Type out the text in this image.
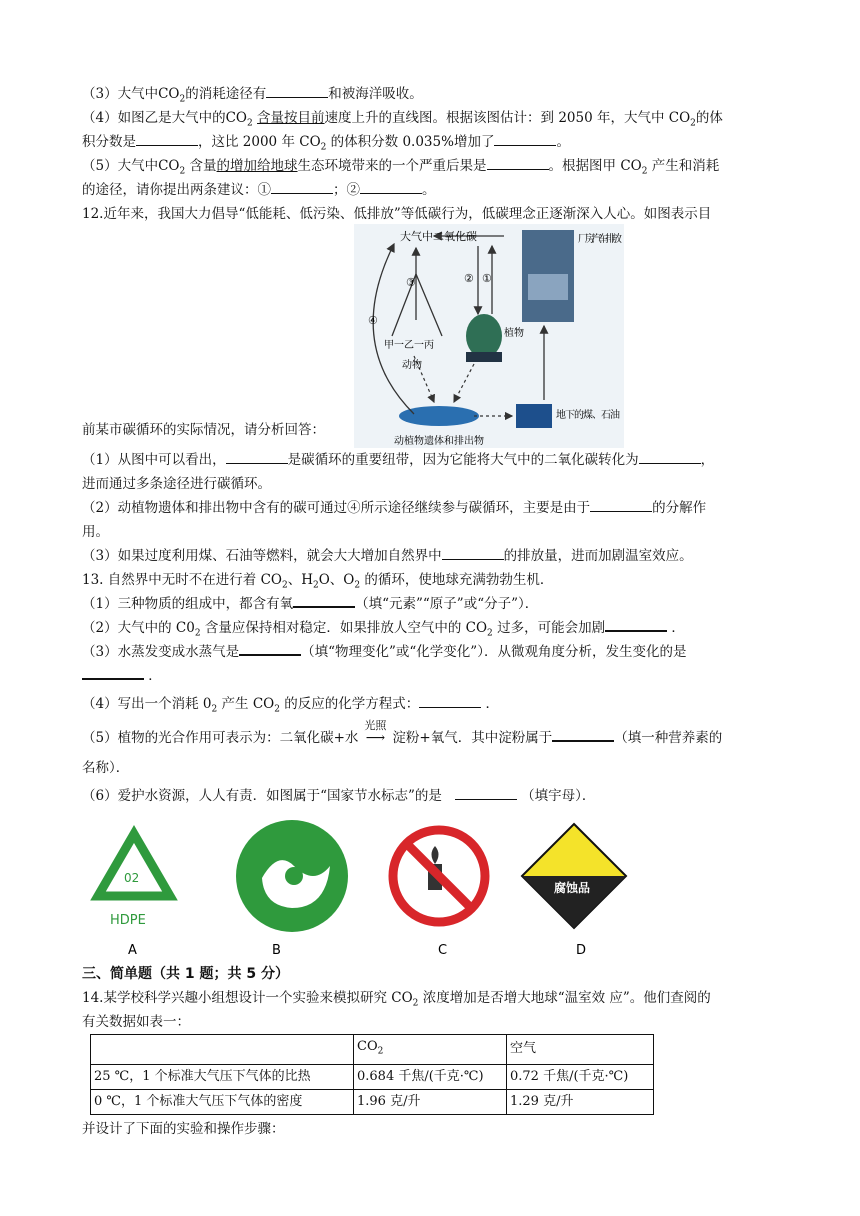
（3）大气中$CO_2$的消耗途径有	和被海洋吸收。
（4）如图乙是大气中的$CO_2$ 含量按目前速度上升的直线图。根据该图估计：到 2050 年，大气中 $CO_2$的体
积分数是	，这比 2000 年 $CO_2$ 的体积分数 0.035%增加了	。
（5）大气中$CO_2$ 含量的增加给地球生态环境带来的一个严重后果是	。根据图甲 $CO_2$ 产生和消耗
的途径，请你提出两条建议：①	；②	。
12.近年来，我国大力倡导“低能耗、低污染、低排放”等低碳行为，低碳理念正逐渐深入人心。如图表示目
前某市碳循环的实际情况，请分析回答：
（1）从图中可以看出，	是碳循环的重要纽带，因为它能将大气中的二氧化碳转化为	，
进而通过多条途径进行碳循环。
（2）动植物遗体和排出物中含有的碳可通过④所示途径继续参与碳循环，主要是由于	的分解作
用。
（3）如果过度利用煤、石油等燃料，就会大大增加自然界中	的排放量，进而加剧温室效应。
13. 自然界中无时不在进行着 $CO_2$、$H_2O$、$O_2$ 的循环，使地球充满勃勃生机．
（1）三种物质的组成中，都含有氧	（填“元素”“原子”或“分子”）．
（2）大气中的 $C0_2$ 含量应保持相对稳定．如果排放人空气中的 $CO_2$ 过多，可能会加剧	．
（3）水蒸发变成水蒸气是	（填“物理变化”或“化学变化”）．从微观角度分析，发生变化的是
．
（4）写出一个消耗 $0_2$ 产生 $CO_2$ 的反应的化学方程式：	．
（5）植物的光合作用可表示为：二氧化碳+水
光照
⟶ 淀粉+氧气．其中淀粉属于	（填一种营养素的
名称）．
（6）爱护水资源，人人有责．如图属于“国家节水标志”的是	（填宇母）．
三、简单题（共 1 题；共 5 分）
14.某学校科学兴趣小组想设计一个实验来模拟研究 $CO_2$ 浓度增加是否增大地球“温室效 应”。他们查阅的
有关数据如表一：
	$CO_2$	空气
25 ℃，1 个标准大气压下气体的比热	0.684 千焦/(千克·℃)	0.72 千焦/(千克·℃)
0 ℃，1 个标准大气压下气体的密度	1.96 克/升	1.29 克/升
并设计了下面的实验和操作步骤：
大气中二氧化碳	厂房汽车排放
植物
甲一乙一丙
动物
动植物遗体和排出物
地下的煤、石油
①
②
③
④
02
HDPE
腐蚀品
A	B	C	D
